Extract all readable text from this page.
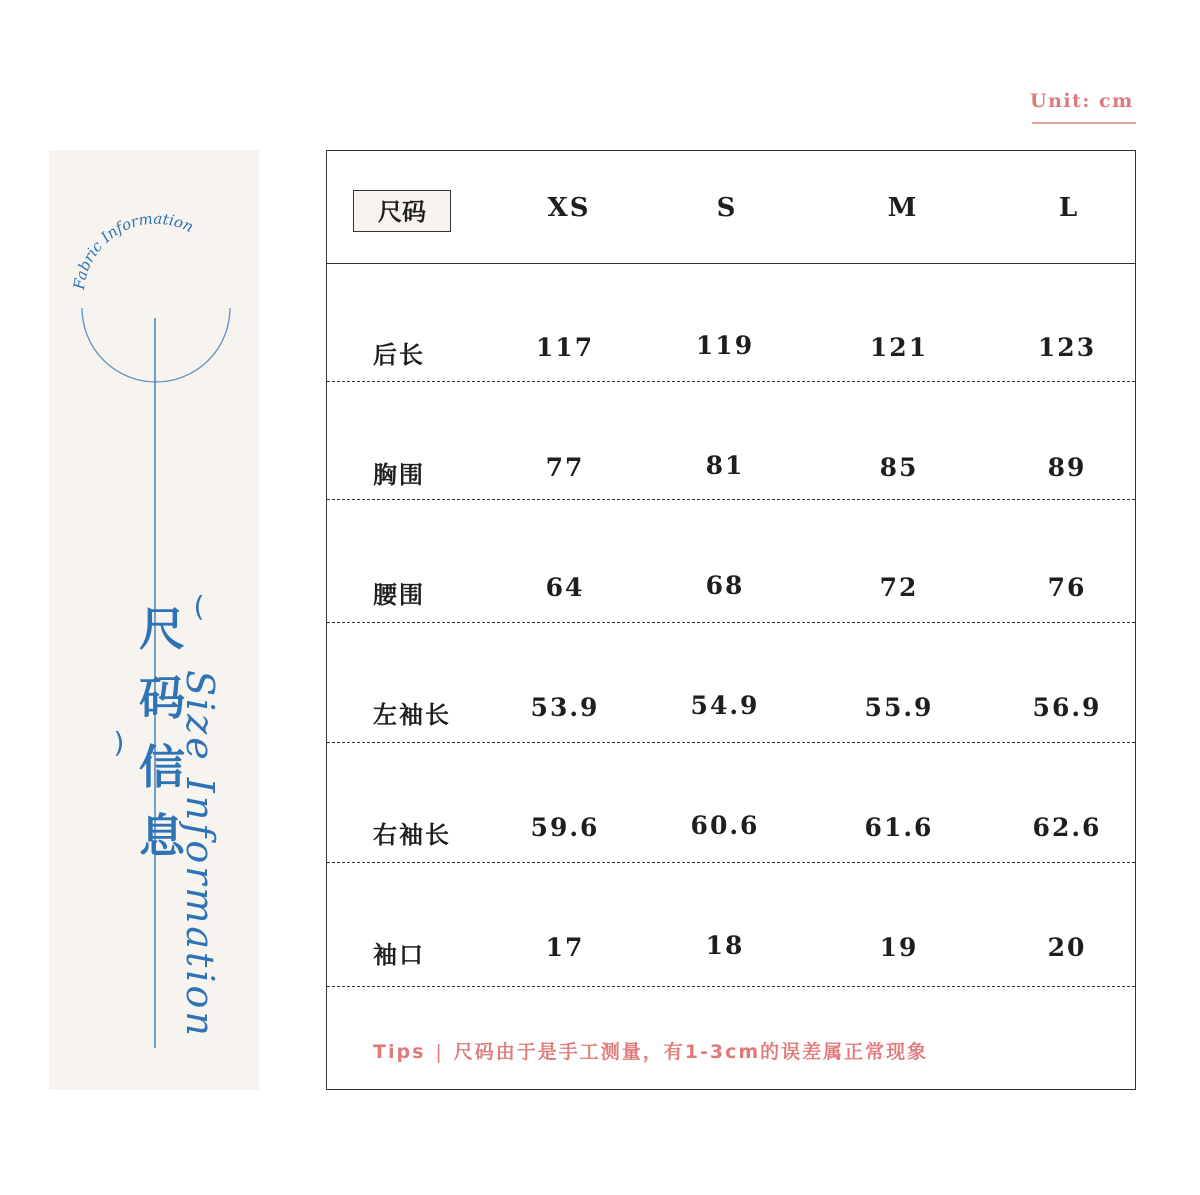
Unit: cm
Fabric Information
Size Information
(
尺
码
信
息
)
尺码	XS	S	M	L
后长	117	119	121	123
胸围	77	81	85	89
腰围	64	68	72	76
左袖长	53.9	54.9	55.9	56.9
右袖长	59.6	60.6	61.6	62.6
袖口	17	18	19	20
Tips | 尺码由于是手工测量，有1-3cm的误差属正常现象
